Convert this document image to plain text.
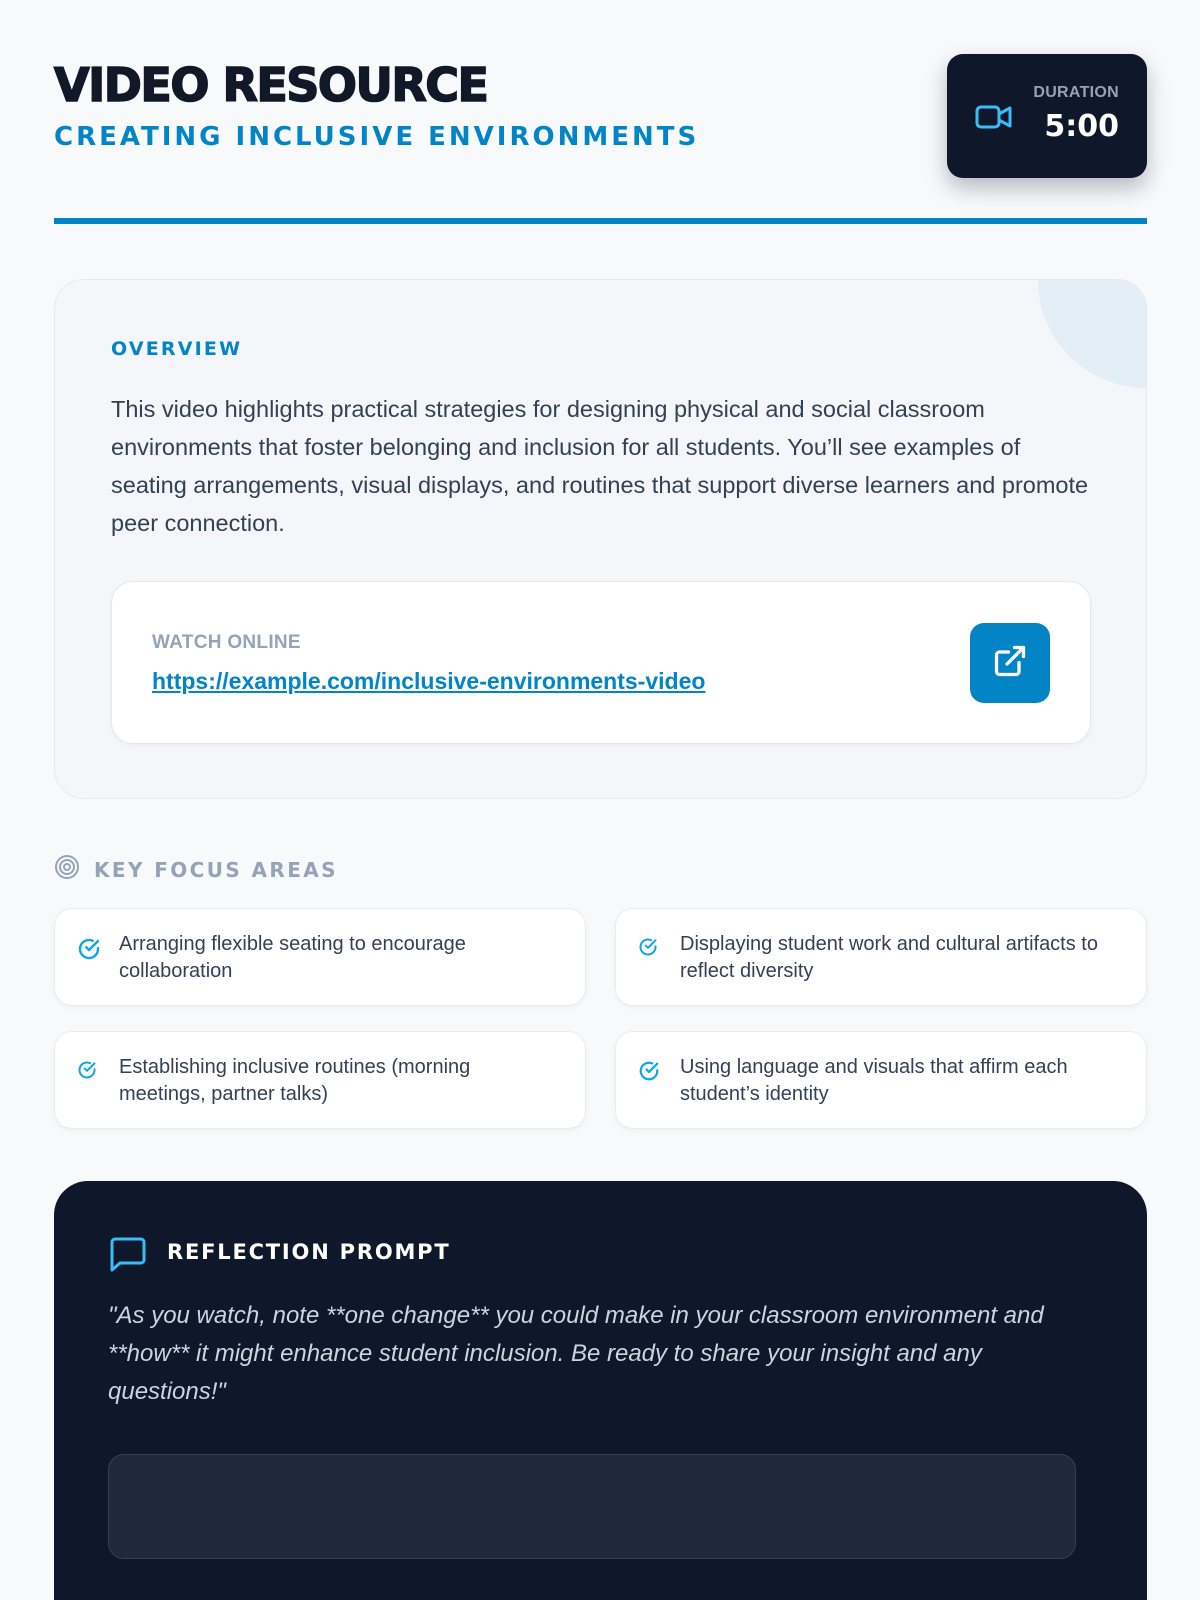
VIDEO RESOURCE
CREATING INCLUSIVE ENVIRONMENTS
DURATION
5:00
OVERVIEW
This video highlights practical strategies for designing physical and social classroom environments that foster belonging and inclusion for all students. You’ll see examples of seating arrangements, visual displays, and routines that support diverse learners and promote peer connection.
WATCH ONLINE
https://example.com/inclusive-environments-video
KEY FOCUS AREAS
Arranging flexible seating to encourage collaboration
Displaying student work and cultural artifacts to reflect diversity
Establishing inclusive routines (morning meetings, partner talks)
Using language and visuals that affirm each student’s identity
REFLECTION PROMPT
"As you watch, note **one change** you could make in your classroom environment and **how** it might enhance student inclusion. Be ready to share your insight and any questions!"
